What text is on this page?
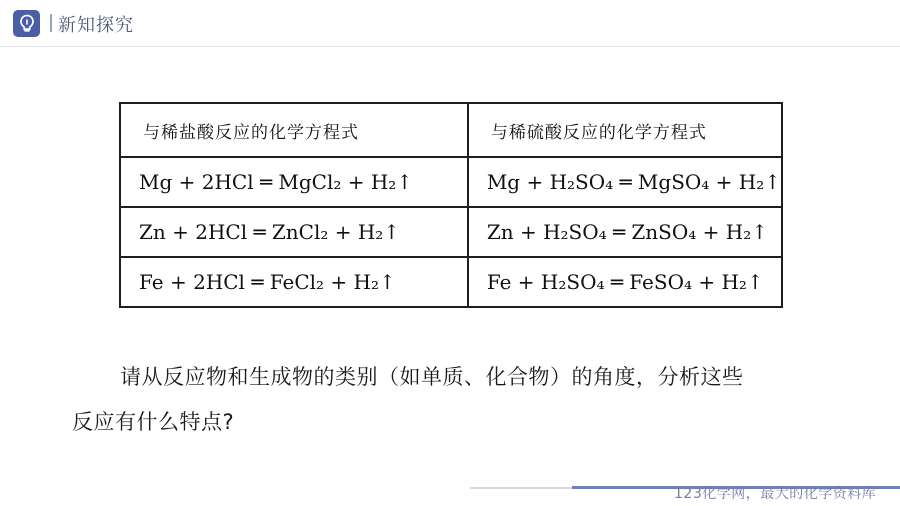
新知探究
与稀盐酸反应的化学方程式	与稀硫酸反应的化学方程式
Mg + 2HCl ═ MgCl₂ + H₂↑	Mg + H₂SO₄ ═ MgSO₄ + H₂↑
Zn + 2HCl ═ ZnCl₂ + H₂↑	Zn + H₂SO₄ ═ ZnSO₄ + H₂↑
Fe + 2HCl ═ FeCl₂ + H₂↑	Fe + H₂SO₄ ═ FeSO₄ + H₂↑
请从反应物和生成物的类别（如单质、化合物）的角度，分析这些
反应有什么特点?
123化学网，最大的化学资料库
